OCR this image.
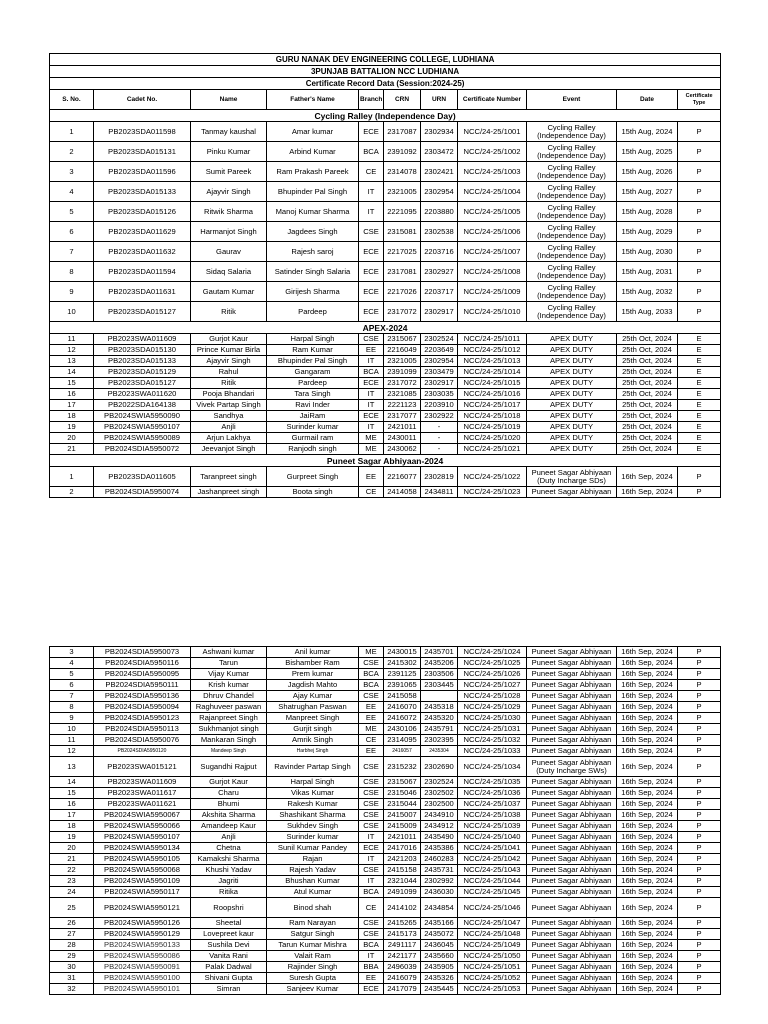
GURU NANAK DEV ENGINEERING COLLEGE, LUDHIANA										
3PUNJAB BATTALION NCC LUDHIANA										
Certificate Record Data (Session:2024-25)										
S. No.	Cadet No.	Name	Father's Name	Branch	CRN	URN	Certificate Number	Event	Date	Certificate Type
Cycling Ralley (Independence Day)										
1	PB2023SDA011598	Tanmay kaushal	Amar kumar	ECE	2317087	2302934	NCC/24-25/1001	Cycling Ralley (Independence Day)	15th Aug, 2024	P
2	PB2023SDA015131	Pinku Kumar	Arbind Kumar	BCA	2391092	2303472	NCC/24-25/1002	Cycling Ralley (Independence Day)	15th Aug, 2025	P
3	PB2023SDA011596	Sumit Pareek	Ram Prakash Pareek	CE	2314078	2302421	NCC/24-25/1003	Cycling Ralley (Independence Day)	15th Aug, 2026	P
4	PB2023SDA015133	Ajayvir Singh	Bhupinder Pal Singh	IT	2321005	2302954	NCC/24-25/1004	Cycling Ralley (Independence Day)	15th Aug, 2027	P
5	PB2023SDA015126	Ritwik Sharma	Manoj Kumar Sharma	IT	2221095	2203880	NCC/24-25/1005	Cycling Ralley (Independence Day)	15th Aug, 2028	P
6	PB2023SDA011629	Harmanjot Singh	Jagdees Singh	CSE	2315081	2302538	NCC/24-25/1006	Cycling Ralley (Independence Day)	15th Aug, 2029	P
7	PB2023SDA011632	Gaurav	Rajesh saroj	ECE	2217025	2203716	NCC/24-25/1007	Cycling Ralley (Independence Day)	15th Aug, 2030	P
8	PB2023SDA011594	Sidaq Salaria	Satinder Singh Salaria	ECE	2317081	2302927	NCC/24-25/1008	Cycling Ralley (Independence Day)	15th Aug, 2031	P
9	PB2023SDA011631	Gautam Kumar	Girijesh Sharma	ECE	2217026	2203717	NCC/24-25/1009	Cycling Ralley (Independence Day)	15th Aug, 2032	P
10	PB2023SDA015127	Ritik	Pardeep	ECE	2317072	2302917	NCC/24-25/1010	Cycling Ralley (Independence Day)	15th Aug, 2033	P
APEX-2024										
11	PB2023SWA011609	Gurjot Kaur	Harpal Singh	CSE	2315067	2302524	NCC/24-25/1011	APEX DUTY	25th Oct, 2024	E
12	PB2023SDA015130	Prince Kumar Birla	Ram Kumar	EE	2216049	2203649	NCC/24-25/1012	APEX DUTY	25th Oct, 2024	E
13	PB2023SDA015133	Ajayvir Singh	Bhupinder Pal Singh	IT	2321005	2302954	NCC/24-25/1013	APEX DUTY	25th Oct, 2024	E
14	PB2023SDA015129	Rahul	Gangaram	BCA	2391099	2303479	NCC/24-25/1014	APEX DUTY	25th Oct, 2024	E
15	PB2023SDA015127	Ritik	Pardeep	ECE	2317072	2302917	NCC/24-25/1015	APEX DUTY	25th Oct, 2024	E
16	PB2023SWA011620	Pooja Bhandari	Tara Singh	IT	2321085	2303035	NCC/24-25/1016	APEX DUTY	25th Oct, 2024	E
17	PB2022SDA164138	Vivek Partap Singh	Ravi Inder	IT	2221123	2203910	NCC/24-25/1017	APEX DUTY	25th Oct, 2024	E
18	PB2024SWIA5950090	Sandhya	JaiRam	ECE	2317077	2302922	NCC/24-25/1018	APEX DUTY	25th Oct, 2024	E
19	PB2024SWIA5950107	Anjli	Surinder kumar	IT	2421011	-	NCC/24-25/1019	APEX DUTY	25th Oct, 2024	E
20	PB2024SWIA5950089	Arjun Lakhya	Gurmail ram	ME	2430011	-	NCC/24-25/1020	APEX DUTY	25th Oct, 2024	E
21	PB2024SDIA5950072	Jeevanjot Singh	Ranjodh singh	ME	2430062	-	NCC/24-25/1021	APEX DUTY	25th Oct, 2024	E
Puneet Sagar Abhiyaan-2024										
1	PB2023SDA011605	Taranpreet singh	Gurpreet Singh	EE	2216077	2302819	NCC/24-25/1022	Puneet Sagar Abhiyaan (Duty Incharge SDs)	16th Sep, 2024	P
2	PB2024SDIA5950074	Jashanpreet singh	Boota singh	CE	2414058	2434811	NCC/24-25/1023	Puneet Sagar Abhiyaan	16th Sep, 2024	P
3	PB2024SDIA5950073	Ashwani kumar	Anil kumar	ME	2430015	2435701	NCC/24-25/1024	Puneet Sagar Abhiyaan	16th Sep, 2024	P
4	PB2024SDIA5950116	Tarun	Bishamber Ram	CSE	2415302	2435206	NCC/24-25/1025	Puneet Sagar Abhiyaan	16th Sep, 2024	P
5	PB2024SDIA5950095	Vijay Kumar	Prem kumar	BCA	2391125	2303506	NCC/24-25/1026	Puneet Sagar Abhiyaan	16th Sep, 2024	P
6	PB2024SDIA5950111	Krish kumar	Jagdish Mahto	BCA	2391065	2303445	NCC/24-25/1027	Puneet Sagar Abhiyaan	16th Sep, 2024	P
7	PB2024SDIA5950136	Dhruv Chandel	Ajay Kumar	CSE	2415058		NCC/24-25/1028	Puneet Sagar Abhiyaan	16th Sep, 2024	P
8	PB2024SDIA5950094	Raghuveer paswan	Shatrughan Paswan	EE	2416070	2435318	NCC/24-25/1029	Puneet Sagar Abhiyaan	16th Sep, 2024	P
9	PB2024SDIA5950123	Rajanpreet Singh	Manpreet Singh	EE	2416072	2435320	NCC/24-25/1030	Puneet Sagar Abhiyaan	16th Sep, 2024	P
10	PB2024SDIA5950113	Sukhmanjot singh	Gurjit singh	ME	2430106	2435791	NCC/24-25/1031	Puneet Sagar Abhiyaan	16th Sep, 2024	P
11	PB2024SDIA5950076	Mankaran Singh	Amrik Singh	CE	2314095	2302395	NCC/24-25/1032	Puneet Sagar Abhiyaan	16th Sep, 2024	P
12	PB2024SDIA5950120	Mandeep Singh	Harbhej Singh	EE	2416057	2435304	NCC/24-25/1033	Puneet Sagar Abhiyaan	16th Sep, 2024	P
13	PB2023SWA015121	Sugandhi Rajput	Ravinder Partap Singh	CSE	2315232	2302690	NCC/24-25/1034	Puneet Sagar Abhiyaan (Duty Incharge SWs)	16th Sep, 2024	P
14	PB2023SWA011609	Gurjot Kaur	Harpal Singh	CSE	2315067	2302524	NCC/24-25/1035	Puneet Sagar Abhiyaan	16th Sep, 2024	P
15	PB2023SWA011617	Charu	Vikas Kumar	CSE	2315046	2302502	NCC/24-25/1036	Puneet Sagar Abhiyaan	16th Sep, 2024	P
16	PB2023SWA011621	Bhumi	Rakesh Kumar	CSE	2315044	2302500	NCC/24-25/1037	Puneet Sagar Abhiyaan	16th Sep, 2024	P
17	PB2024SWIA5950067	Akshita Sharma	Shashikant Sharma	CSE	2415007	2434910	NCC/24-25/1038	Puneet Sagar Abhiyaan	16th Sep, 2024	P
18	PB2024SWIA5950066	Amandeep Kaur	Sukhdev Singh	CSE	2415009	2434912	NCC/24-25/1039	Puneet Sagar Abhiyaan	16th Sep, 2024	P
19	PB2024SWIA5950107	Anjli	Surinder kumar	IT	2421011	2435490	NCC/24-25/1040	Puneet Sagar Abhiyaan	16th Sep, 2024	P
20	PB2024SWIA5950134	Chetna	Sunil Kumar Pandey	ECE	2417016	2435386	NCC/24-25/1041	Puneet Sagar Abhiyaan	16th Sep, 2024	P
21	PB2024SWIA5950105	Kamakshi Sharma	Rajan	IT	2421203	2460283	NCC/24-25/1042	Puneet Sagar Abhiyaan	16th Sep, 2024	P
22	PB2024SWIA5950068	Khushi Yadav	Rajesh Yadav	CSE	2415158	2435731	NCC/24-25/1043	Puneet Sagar Abhiyaan	16th Sep, 2024	P
23	PB2024SWIA5950109	Jagriti	Bhushan Kumar	IT	2321044	2302992	NCC/24-25/1044	Puneet Sagar Abhiyaan	16th Sep, 2024	P
24	PB2024SWIA5950117	Ritika	Atul Kumar	BCA	2491099	2436030	NCC/24-25/1045	Puneet Sagar Abhiyaan	16th Sep, 2024	P
25	PB2024SWIA5950121	Roopshri	Binod shah	CE	2414102	2434854	NCC/24-25/1046	Puneet Sagar Abhiyaan	16th Sep, 2024	P
26	PB2024SWIA5950126	Sheetal	Ram Narayan	CSE	2415265	2435166	NCC/24-25/1047	Puneet Sagar Abhiyaan	16th Sep, 2024	P
27	PB2024SWIA5950129	Lovepreet kaur	Satgur Singh	CSE	2415173	2435072	NCC/24-25/1048	Puneet Sagar Abhiyaan	16th Sep, 2024	P
28	PB2024SWIA5950133	Sushila Devi	Tarun Kumar Mishra	BCA	2491117	2436045	NCC/24-25/1049	Puneet Sagar Abhiyaan	16th Sep, 2024	P
29	PB2024SWIA5950086	Vanita Rani	Valait Ram	IT	2421177	2435660	NCC/24-25/1050	Puneet Sagar Abhiyaan	16th Sep, 2024	P
30	PB2024SWIA5950091	Palak Dadwal	Rajinder Singh	BBA	2496039	2435905	NCC/24-25/1051	Puneet Sagar Abhiyaan	16th Sep, 2024	P
31	PB2024SWIA5950100	Shivani Gupta	Suresh Gupta	EE	2416079	2435326	NCC/24-25/1052	Puneet Sagar Abhiyaan	16th Sep, 2024	P
32	PB2024SWIA5950101	Simran	Sanjeev Kumar	ECE	2417079	2435445	NCC/24-25/1053	Puneet Sagar Abhiyaan	16th Sep, 2024	P
